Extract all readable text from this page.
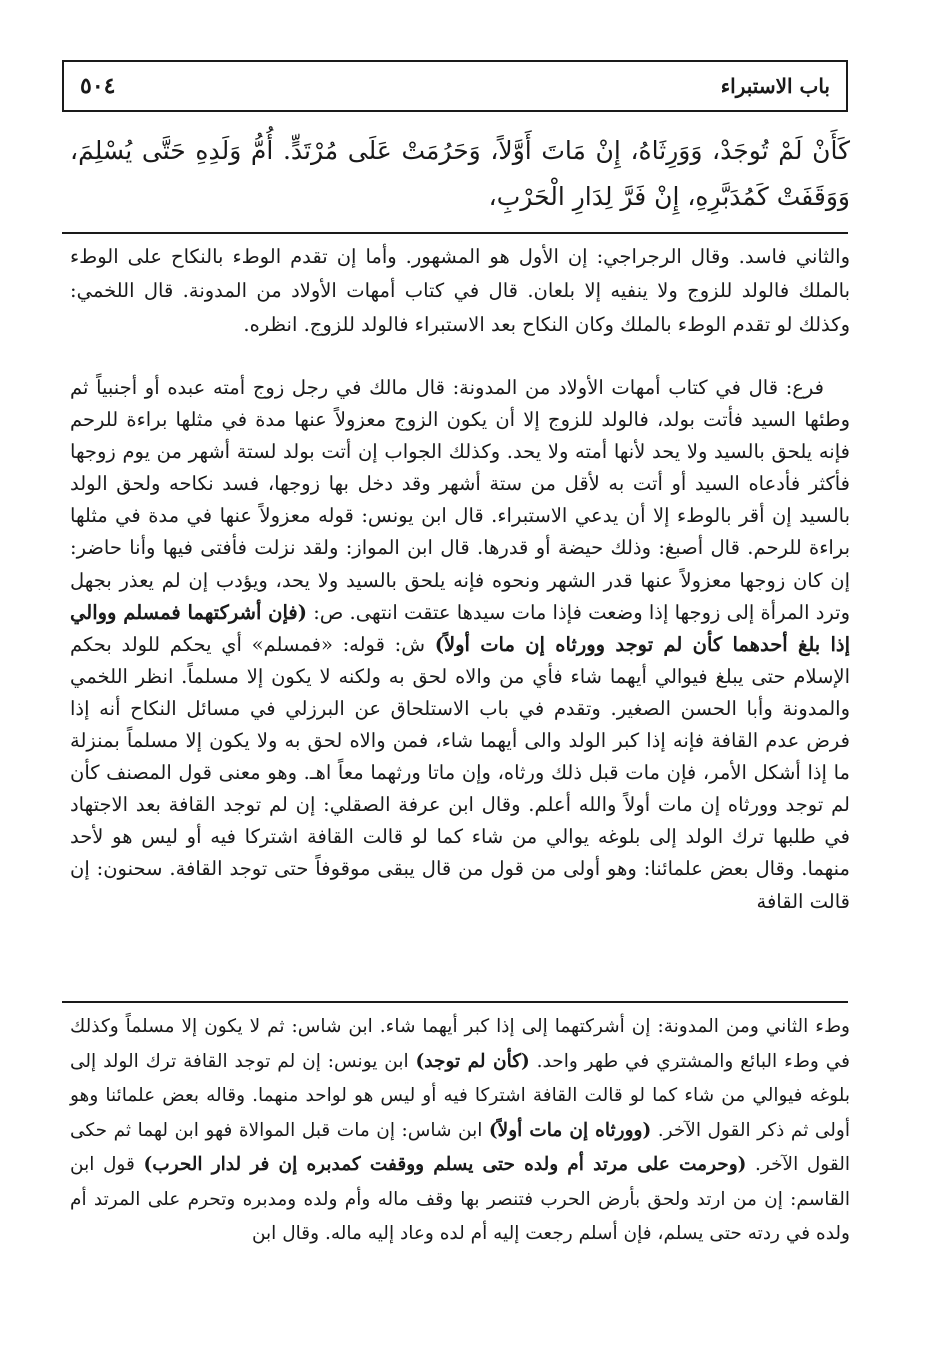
باب الاستبراء
٥٠٤
كَأَنْ لَمْ تُوجَدْ، وَوَرِثَاهُ، إِنْ مَاتَ أَوَّلاً، وَحَرُمَتْ عَلَى مُرْتَدٍّ. أُمُّ وَلَدِهِ حَتَّى يُسْلِمَ، وَوَقَفَتْ كَمُدَبَّرِهِ، إِنْ فَرَّ لِدَارِ الْحَرْبِ،
والثاني فاسد. وقال الرجراجي: إن الأول هو المشهور. وأما إن تقدم الوطء بالنكاح على الوطء بالملك فالولد للزوج ولا ينفيه إلا بلعان. قال في كتاب أمهات الأولاد من المدونة. قال اللخمي: وكذلك لو تقدم الوطء بالملك وكان النكاح بعد الاستبراء فالولد للزوج. انظره.
فرع: قال في كتاب أمهات الأولاد من المدونة: قال مالك في رجل زوج أمته عبده أو أجنبياً ثم وطئها السيد فأتت بولد، فالولد للزوج إلا أن يكون الزوج معزولاً عنها مدة في مثلها براءة للرحم فإنه يلحق بالسيد ولا يحد لأنها أمته ولا يحد. وكذلك الجواب إن أتت بولد لستة أشهر من يوم زوجها فأكثر فأدعاه السيد أو أتت به لأقل من ستة أشهر وقد دخل بها زوجها، فسد نكاحه ولحق الولد بالسيد إن أقر بالوطء إلا أن يدعي الاستبراء. قال ابن يونس: قوله معزولاً عنها في مدة في مثلها براءة للرحم. قال أصبغ: وذلك حيضة أو قدرها. قال ابن المواز: ولقد نزلت فأفتى فيها وأنا حاضر: إن كان زوجها معزولاً عنها قدر الشهر ونحوه فإنه يلحق بالسيد ولا يحد، ويؤدب إن لم يعذر بجهل وترد المرأة إلى زوجها إذا وضعت فإذا مات سيدها عتقت انتهى. ص: (فإن أشركتهما فمسلم ووالي إذا بلغ أحدهما كأن لم توجد وورثاه إن مات أولاً) ش: قوله: «فمسلم» أي يحكم للولد بحكم الإسلام حتى يبلغ فيوالي أيهما شاء فأي من والاه لحق به ولكنه لا يكون إلا مسلماً. انظر اللخمي والمدونة وأبا الحسن الصغير. وتقدم في باب الاستلحاق عن البرزلي في مسائل النكاح أنه إذا فرض عدم القافة فإنه إذا كبر الولد والى أيهما شاء، فمن والاه لحق به ولا يكون إلا مسلماً بمنزلة ما إذا أشكل الأمر، فإن مات قبل ذلك ورثاه، وإن ماتا ورثهما معاً اهـ. وهو معنى قول المصنف كأن لم توجد وورثاه إن مات أولاً والله أعلم. وقال ابن عرفة الصقلي: إن لم توجد القافة بعد الاجتهاد في طلبها ترك الولد إلى بلوغه يوالي من شاء كما لو قالت القافة اشتركا فيه أو ليس هو لأحد منهما. وقال بعض علمائنا: وهو أولى من قول من قال يبقى موقوفاً حتى توجد القافة. سحنون: إن قالت القافة
وطء الثاني ومن المدونة: إن أشركتهما إلى إذا كبر أيهما شاء. ابن شاس: ثم لا يكون إلا مسلماً وكذلك في وطء البائع والمشتري في طهر واحد. (كأن لم توجد) ابن يونس: إن لم توجد القافة ترك الولد إلى بلوغه فيوالي من شاء كما لو قالت القافة اشتركا فيه أو ليس هو لواحد منهما. وقاله بعض علمائنا وهو أولى ثم ذكر القول الآخر. (وورثاه إن مات أولاً) ابن شاس: إن مات قبل الموالاة فهو ابن لهما ثم حكى القول الآخر. (وحرمت على مرتد أم ولده حتى يسلم ووقفت كمدبره إن فر لدار الحرب) قول ابن القاسم: إن من ارتد ولحق بأرض الحرب فتنصر بها وقف ماله وأم ولده ومدبره وتحرم على المرتد أم ولده في ردته حتى يسلم، فإن أسلم رجعت إليه أم لده وعاد إليه ماله. وقال ابن
